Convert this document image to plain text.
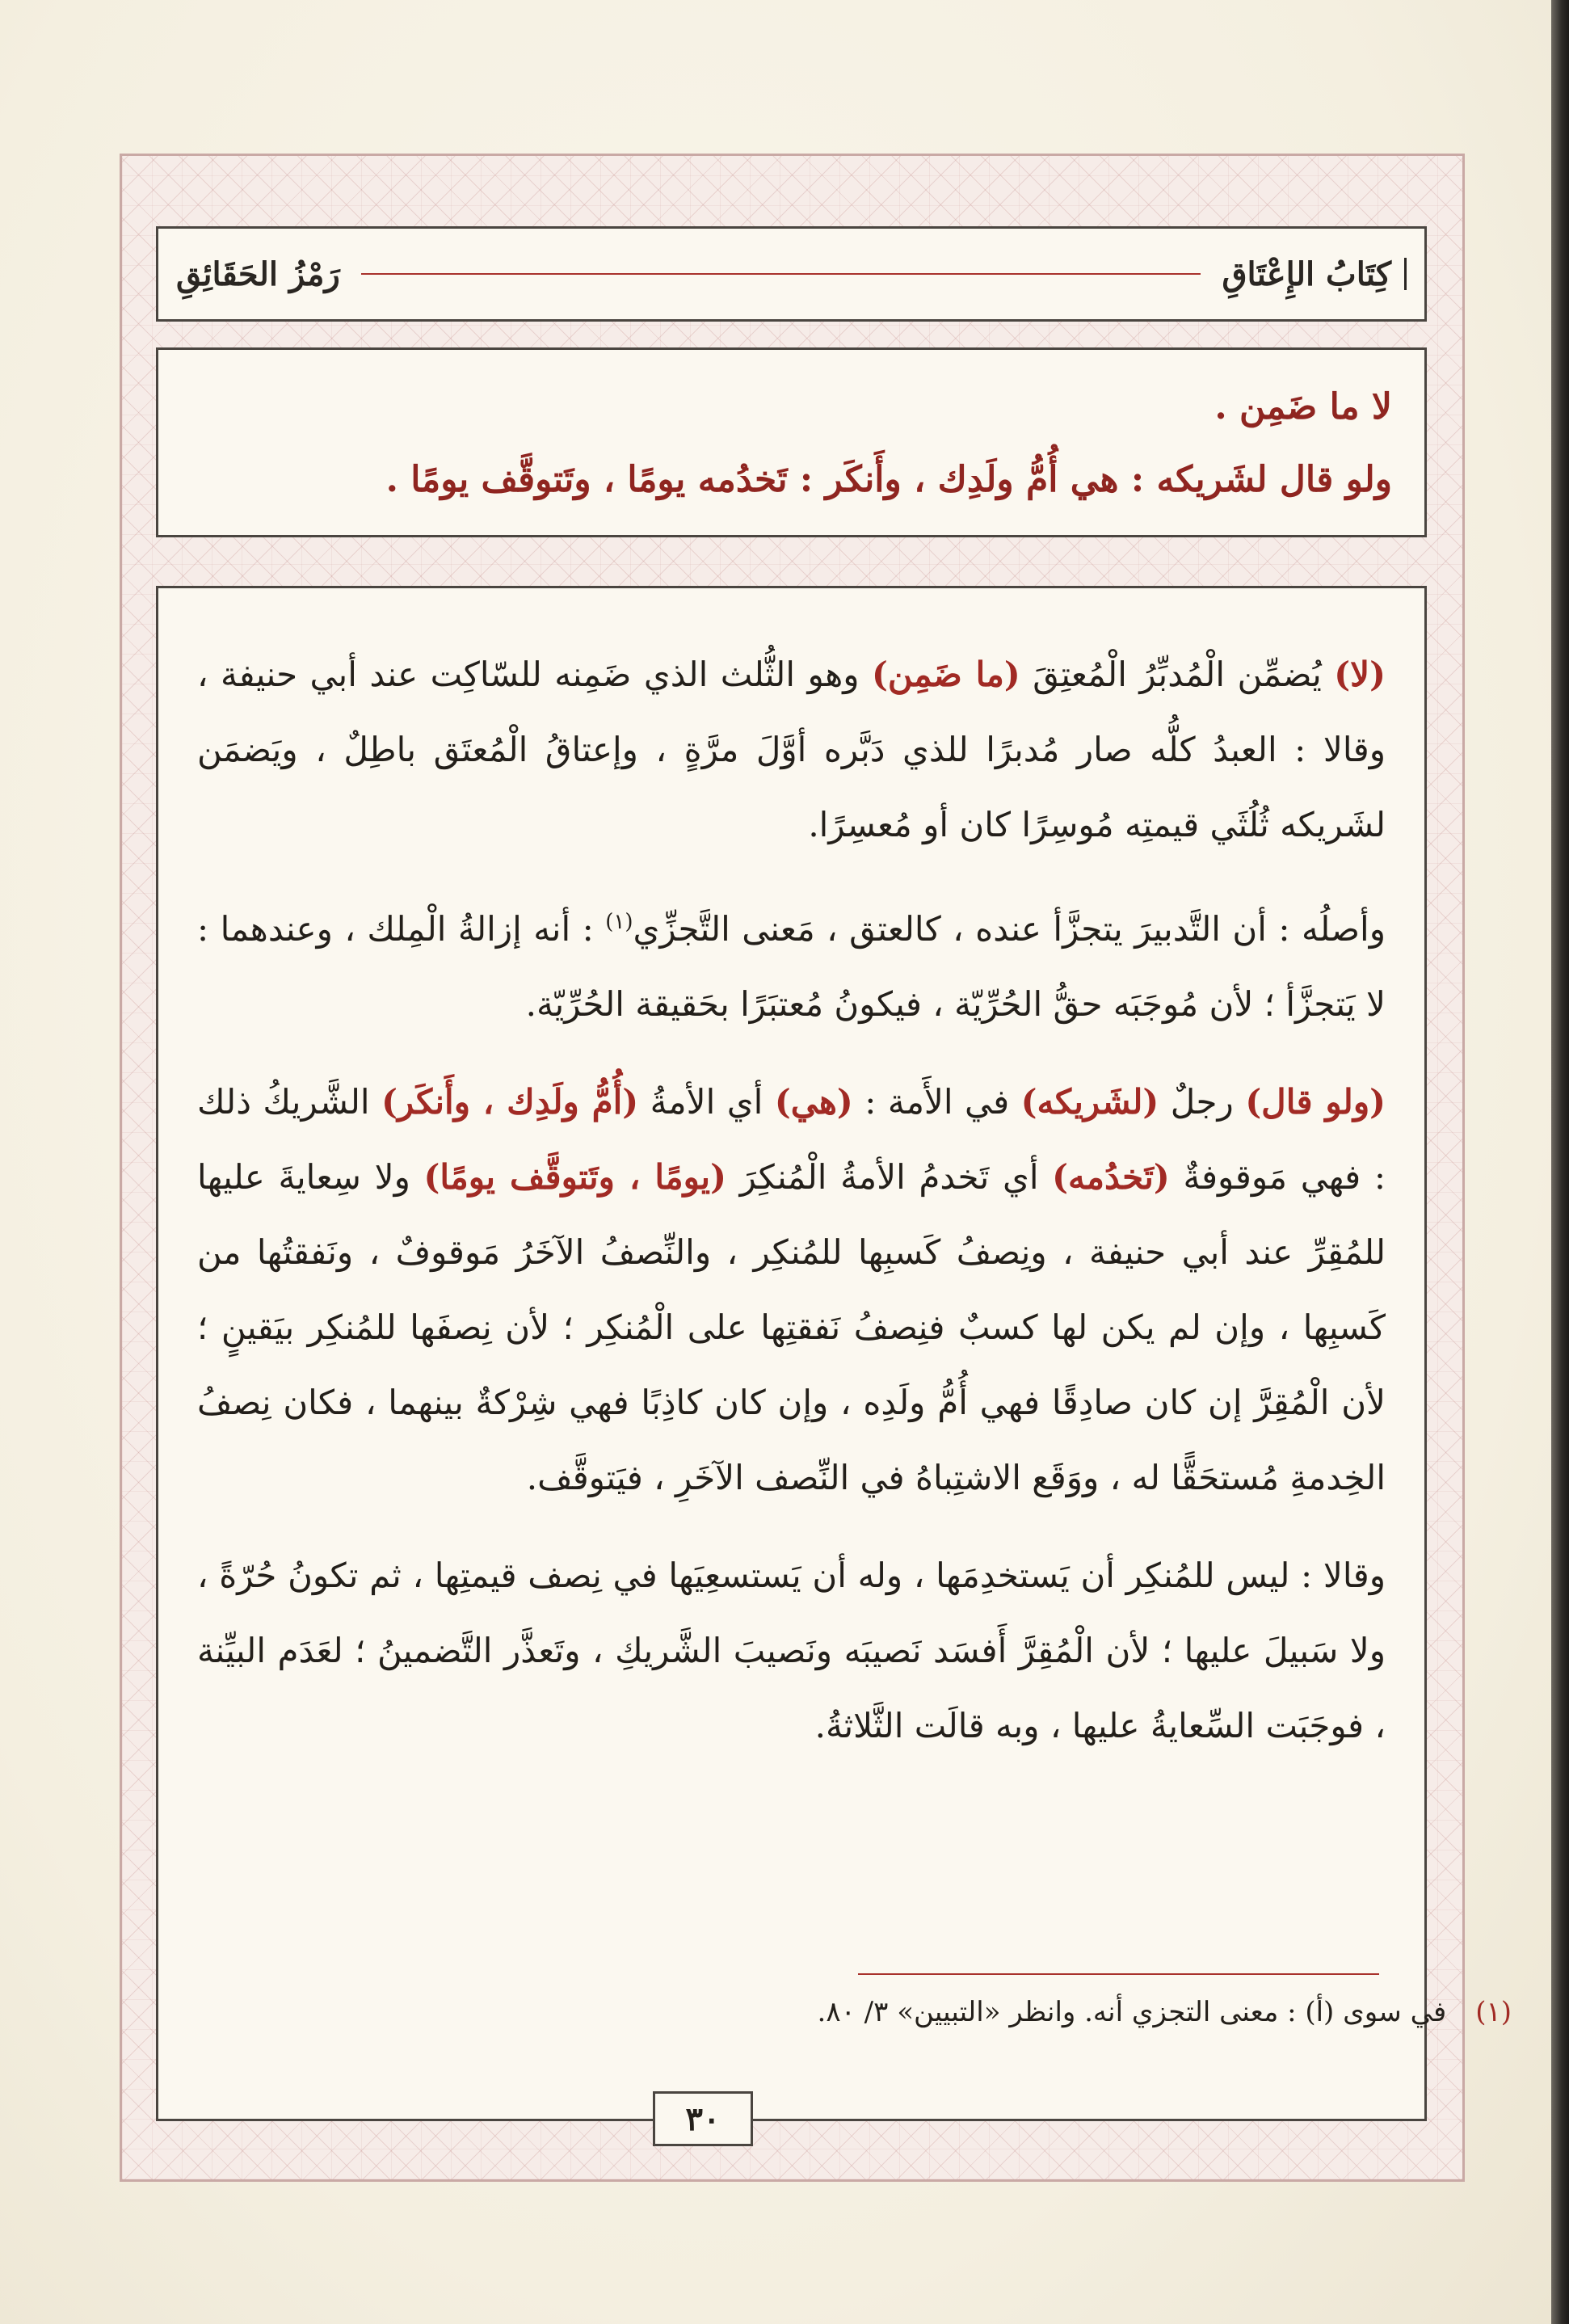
كِتَابُ الإِعْتَاقِ
رَمْزُ الحَقَائِقِ
لا ما ضَمِن .
ولو قال لشَريكه : هي أُمُّ ولَدِك ، وأَنكَر : تَخدُمه يومًا ، وتَتوقَّف يومًا .

(لا) يُضمِّن الْمُدبِّرُ الْمُعتِقَ (ما ضَمِن) وهو الثُّلث الذي ضَمِنه للسّاكِت عند أبي حنيفة ، وقالا : العبدُ كلُّه صار مُدبرًا للذي دَبَّره أوَّلَ مرَّةٍ ، وإعتاقُ الْمُعتَق باطِلٌ ، ويَضمَن لشَريكه ثُلُثَي قيمتِه مُوسِرًا كان أو مُعسِرًا.

وأصلُه : أن التَّدبيرَ يتجزَّأ عنده ، كالعتق ، مَعنى التَّجزِّي$^{(١)}$ : أنه إزالةُ الْمِلك ، وعندهما : لا يَتجزَّأ ؛ لأن مُوجَبَه حقُّ الحُرِّيّة ، فيكونُ مُعتبَرًا بحَقيقة الحُرِّيّة.

(ولو قال) رجلٌ (لشَريكه) في الأَمة : (هي) أي الأمةُ (أُمُّ ولَدِك ، وأَنكَر) الشَّريكُ ذلك : فهي مَوقوفةٌ (تَخدُمه) أي تَخدمُ الأمةُ الْمُنكِرَ (يومًا ، وتَتوقَّف يومًا) ولا سِعايةَ عليها للمُقِرِّ عند أبي حنيفة ، ونِصفُ كَسبِها للمُنكِر ، والنِّصفُ الآخَرُ مَوقوفٌ ، ونَفقتُها من كَسبِها ، وإن لم يكن لها كسبٌ فنِصفُ نَفقتِها على الْمُنكِر ؛ لأن نِصفَها للمُنكِر بيَقينٍ ؛ لأن الْمُقِرَّ إن كان صادِقًا فهي أُمُّ ولَدِه ، وإن كان كاذِبًا فهي شِرْكةٌ بينهما ، فكان نِصفُ الخِدمةِ مُستحَقًّا له ، ووَقَع الاشتِباهُ في النِّصف الآخَرِ ، فيَتوقَّف.

وقالا : ليس للمُنكِر أن يَستخدِمَها ، وله أن يَستسعِيَها في نِصف قيمتِها ، ثم تكونُ حُرّةً ، ولا سَبيلَ عليها ؛ لأن الْمُقِرَّ أَفسَد نَصيبَه ونَصيبَ الشَّريكِ ، وتَعذَّر التَّضمينُ ؛ لعَدَم البيِّنة ، فوجَبَت السِّعايةُ عليها ، وبه قالَت الثَّلاثةُ.

(١)في سوى (أ) : معنى التجزي أنه. وانظر «التبيين» ٣/ ٨٠.
٣٠
